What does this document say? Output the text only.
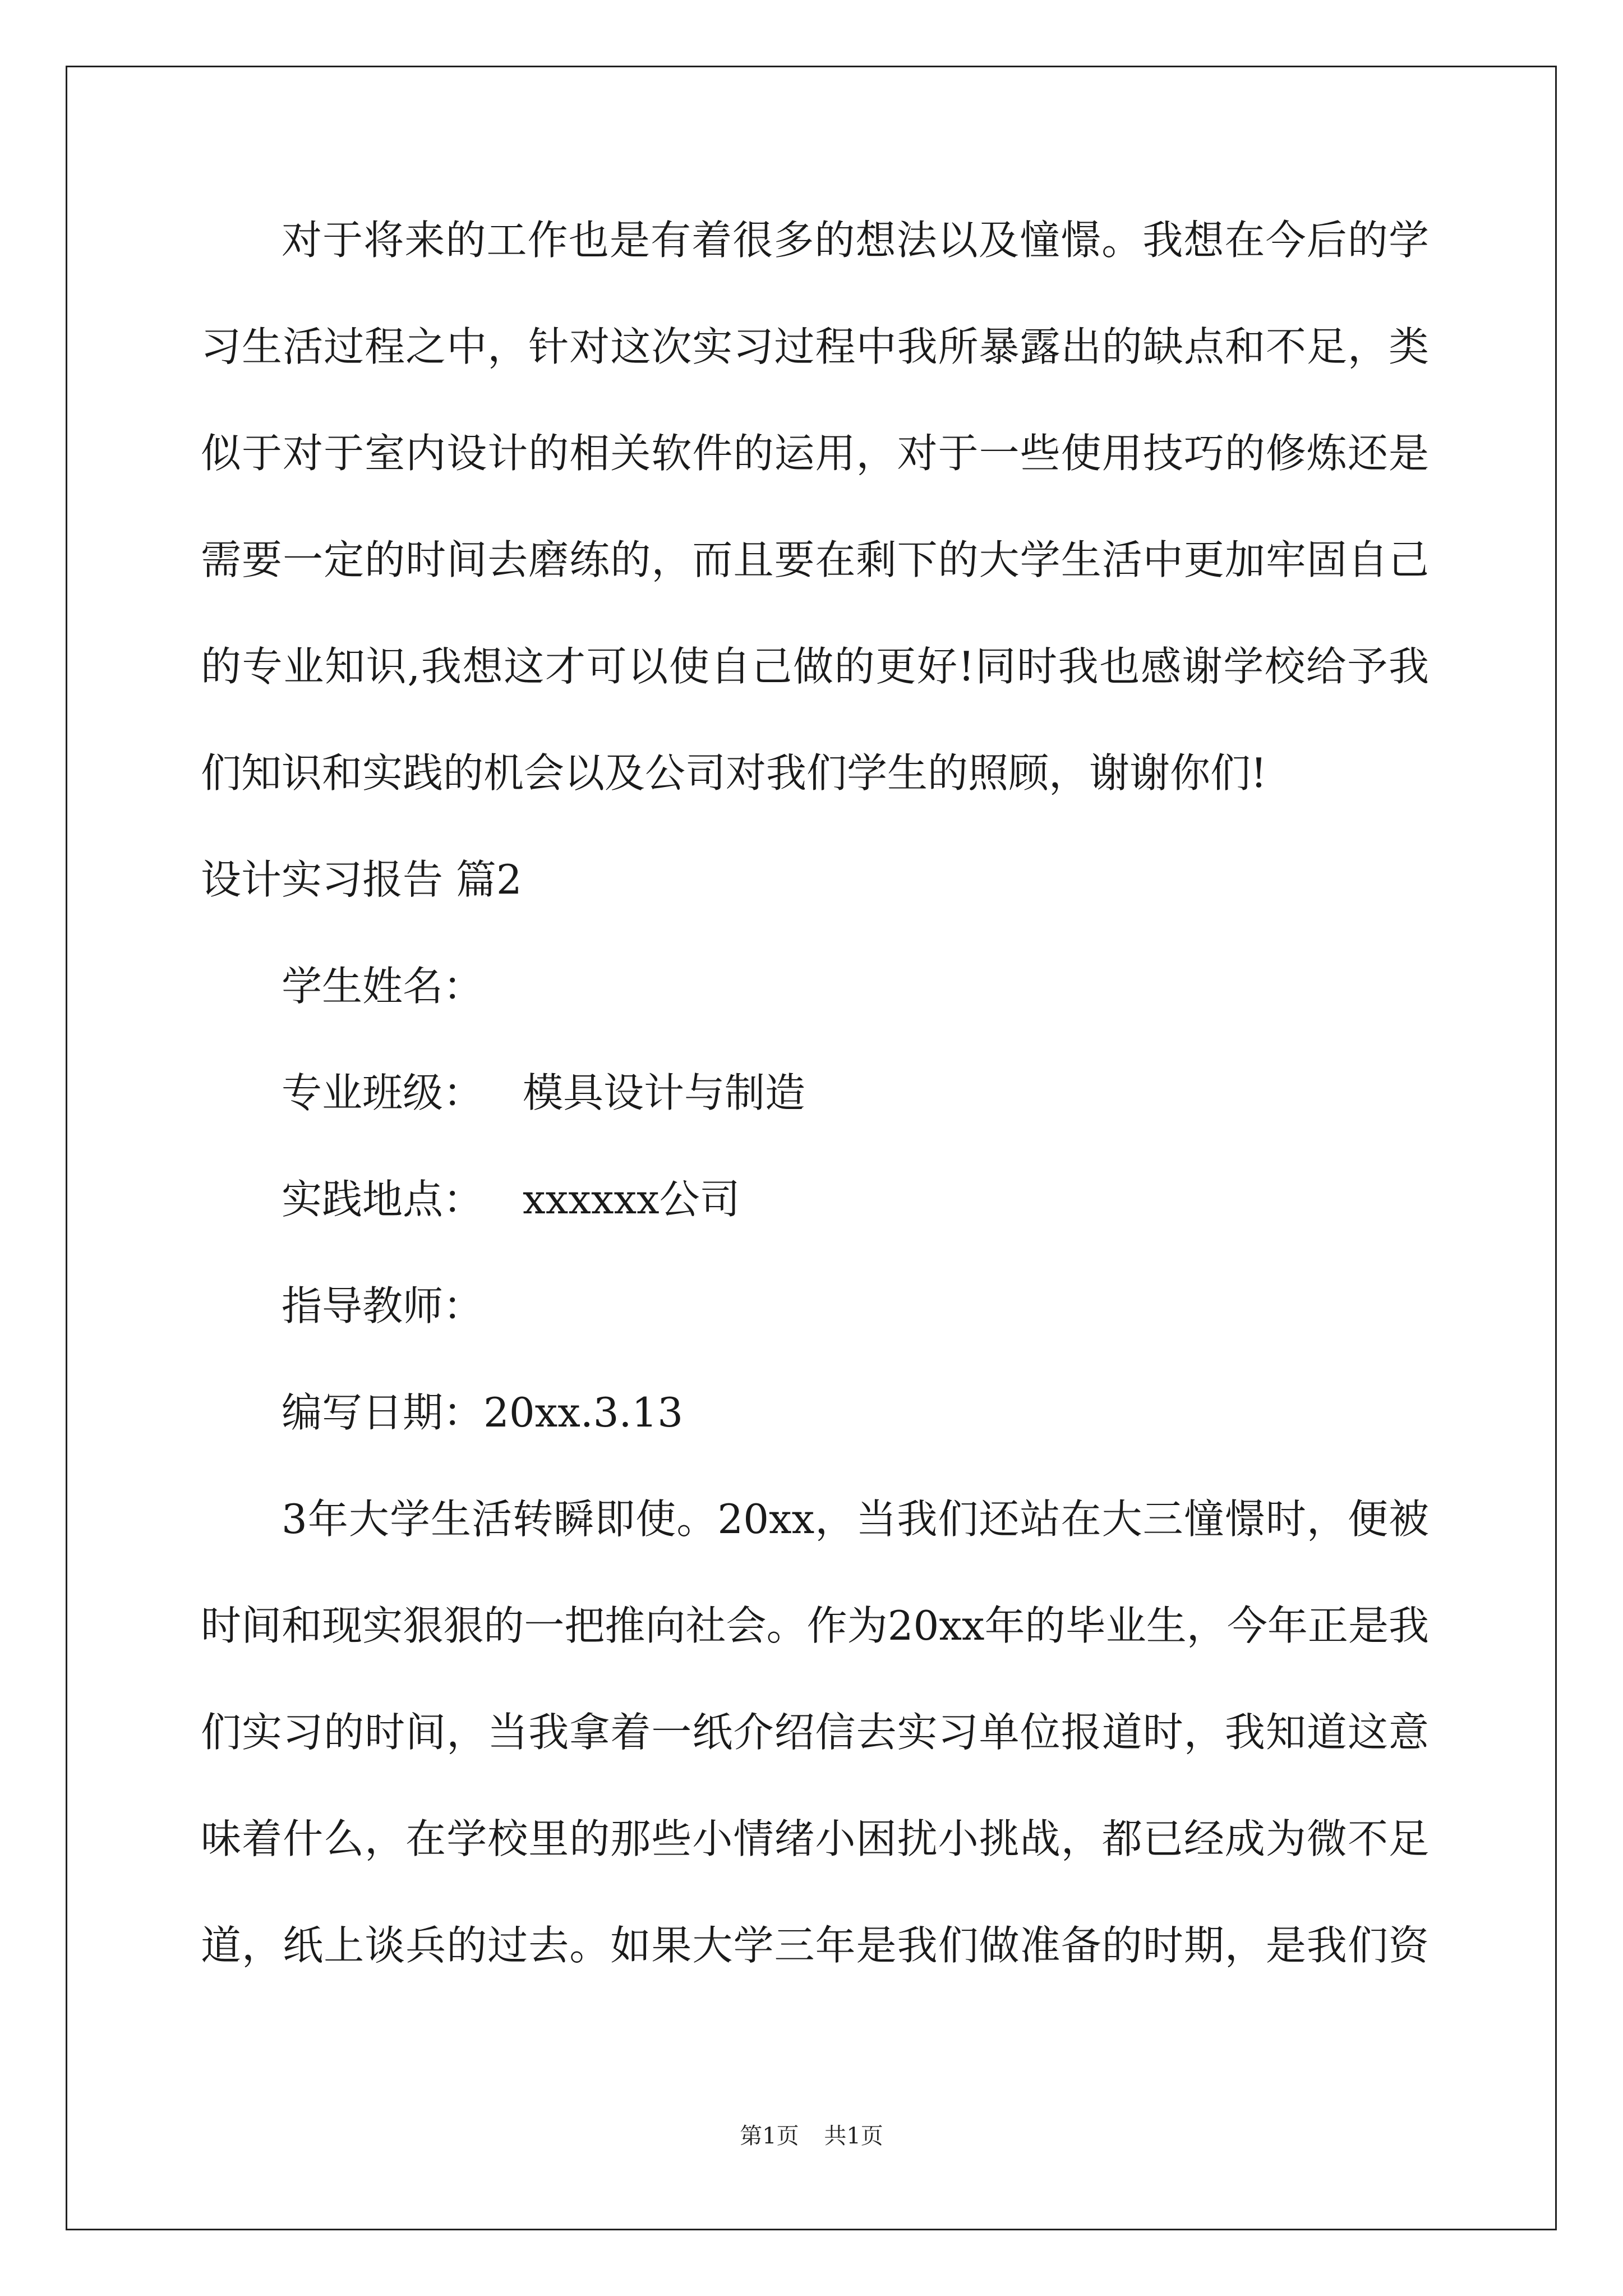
对于将来的工作也是有着很多的想法以及憧憬。我想在今后的学
习生活过程之中，针对这次实习过程中我所暴露出的缺点和不足，类
似于对于室内设计的相关软件的运用，对于一些使用技巧的修炼还是
需要一定的时间去磨练的，而且要在剩下的大学生活中更加牢固自己
的专业知识,我想这才可以使自己做的更好!同时我也感谢学校给予我
们知识和实践的机会以及公司对我们学生的照顾，谢谢你们!
设计实习报告 篇2
学生姓名：
专业班级： 模具设计与制造
实践地点： xxxxxx公司
指导教师：
编写日期：20xx.3.13
3年大学生活转瞬即使。20xx，当我们还站在大三憧憬时，便被
时间和现实狠狠的一把推向社会。作为20xx年的毕业生，今年正是我
们实习的时间，当我拿着一纸介绍信去实习单位报道时，我知道这意
味着什么，在学校里的那些小情绪小困扰小挑战，都已经成为微不足
道，纸上谈兵的过去。如果大学三年是我们做准备的时期，是我们资
第1页 共1页
